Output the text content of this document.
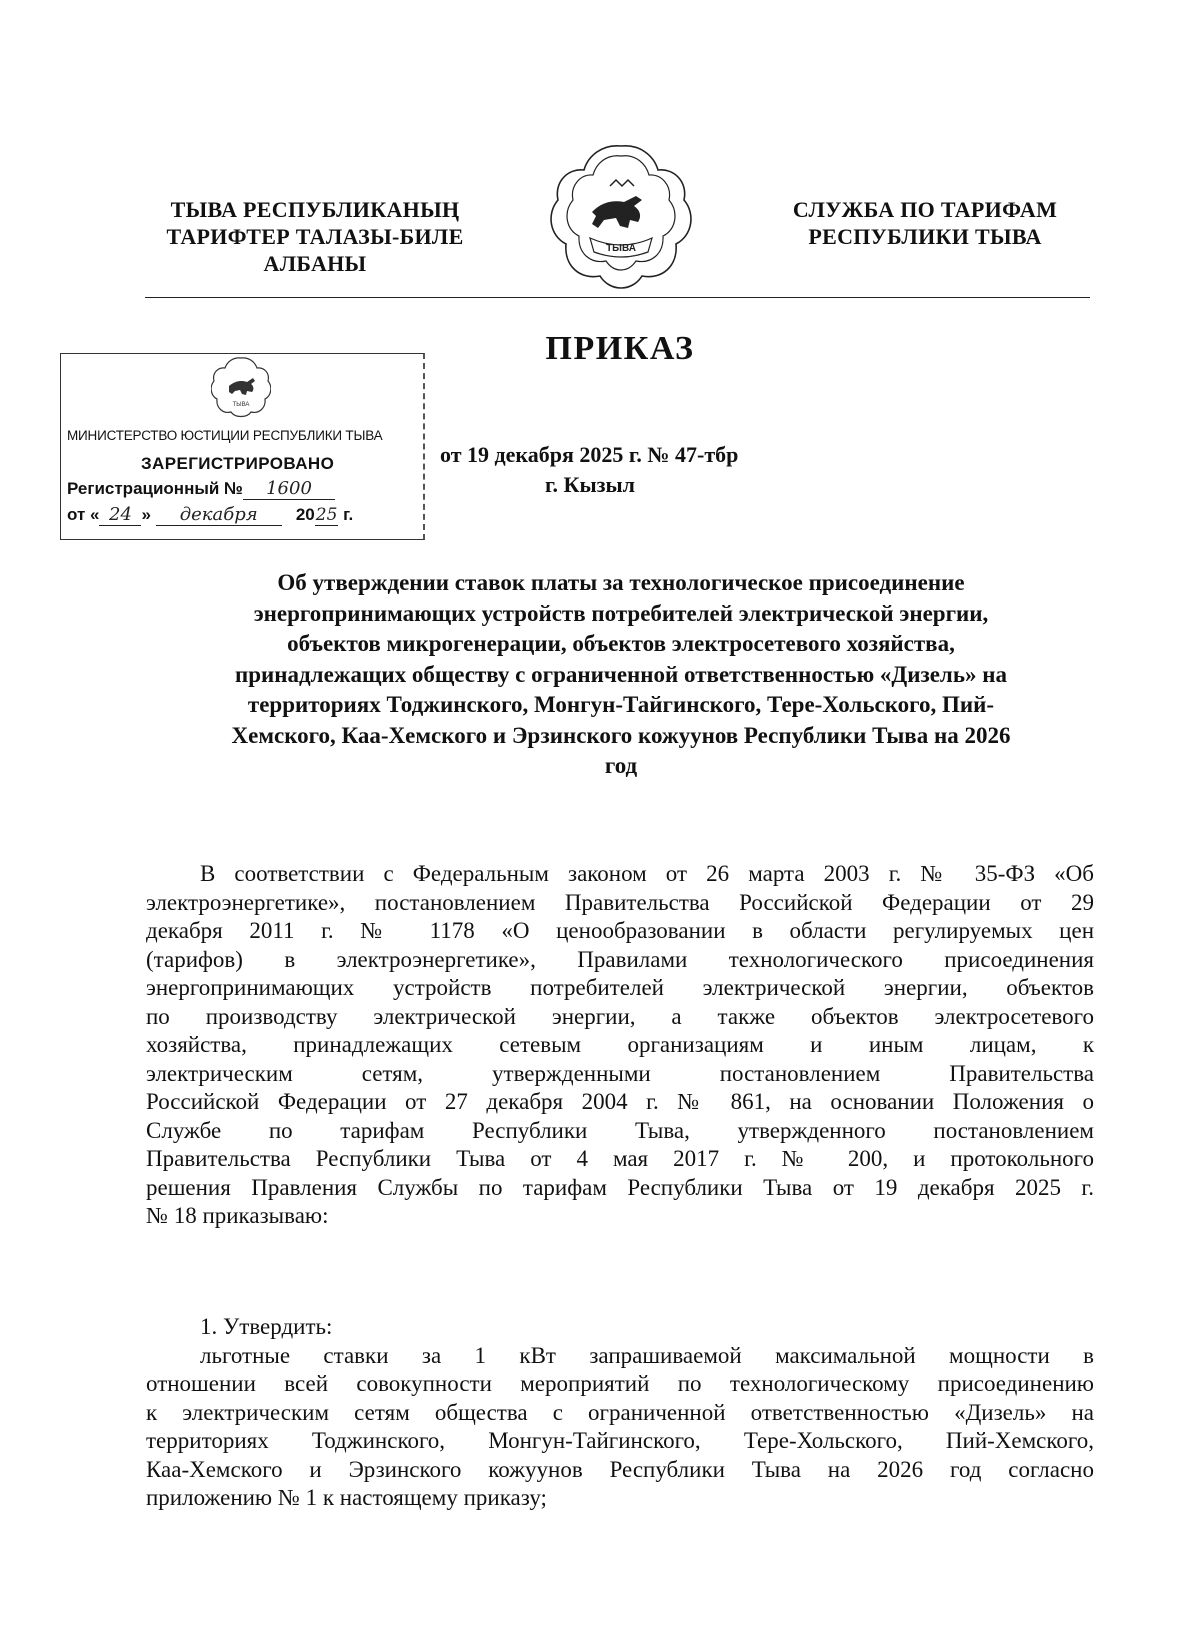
ТЫВА РЕСПУБЛИКАНЫҢ
ТАРИФТЕР ТАЛАЗЫ-БИЛЕ
АЛБАНЫ
ТЫВА
СЛУЖБА ПО ТАРИФАМ
РЕСПУБЛИКИ ТЫВА
ПРИКАЗ
ТЫВА
МИНИСТЕРСТВО ЮСТИЦИИ РЕСПУБЛИКИ ТЫВА
ЗАРЕГИСТРИРОВАНО
Регистрационный № 1600
от « 24 » декабря 2025 г.
от 19 декабря 2025 г. № 47-тбр
г. Кызыл
Об утверждении ставок платы за технологическое присоединение
энергопринимающих устройств потребителей электрической энергии,
объектов микрогенерации, объектов электросетевого хозяйства,
принадлежащих обществу с ограниченной ответственностью «Дизель» на
территориях Тоджинского, Монгун-Тайгинского, Тере-Хольского, Пий-
Хемского, Каа-Хемского и Эрзинского кожуунов Республики Тыва на 2026
год
В соответствии с Федеральным законом от 26 марта 2003 г. № 35-ФЗ «Об
электроэнергетике», постановлением Правительства Российской Федерации от 29
декабря 2011 г. № 1178 «О ценообразовании в области регулируемых цен
(тарифов) в электроэнергетике», Правилами технологического присоединения
энергопринимающих устройств потребителей электрической энергии, объектов
по производству электрической энергии, а также объектов электросетевого
хозяйства, принадлежащих сетевым организациям и иным лицам, к
электрическим сетям, утвержденными постановлением Правительства
Российской Федерации от 27 декабря 2004 г. № 861, на основании Положения о
Службе по тарифам Республики Тыва, утвержденного постановлением
Правительства Республики Тыва от 4 мая 2017 г. № 200, и протокольного
решения Правления Службы по тарифам Республики Тыва от 19 декабря 2025 г.
№ 18 приказываю:
1. Утвердить:
льготные ставки за 1 кВт запрашиваемой максимальной мощности в
отношении всей совокупности мероприятий по технологическому присоединению
к электрическим сетям общества с ограниченной ответственностью «Дизель» на
территориях Тоджинского, Монгун-Тайгинского, Тере-Хольского, Пий-Хемского,
Каа-Хемского и Эрзинского кожуунов Республики Тыва на 2026 год согласно
приложению № 1 к настоящему приказу;
